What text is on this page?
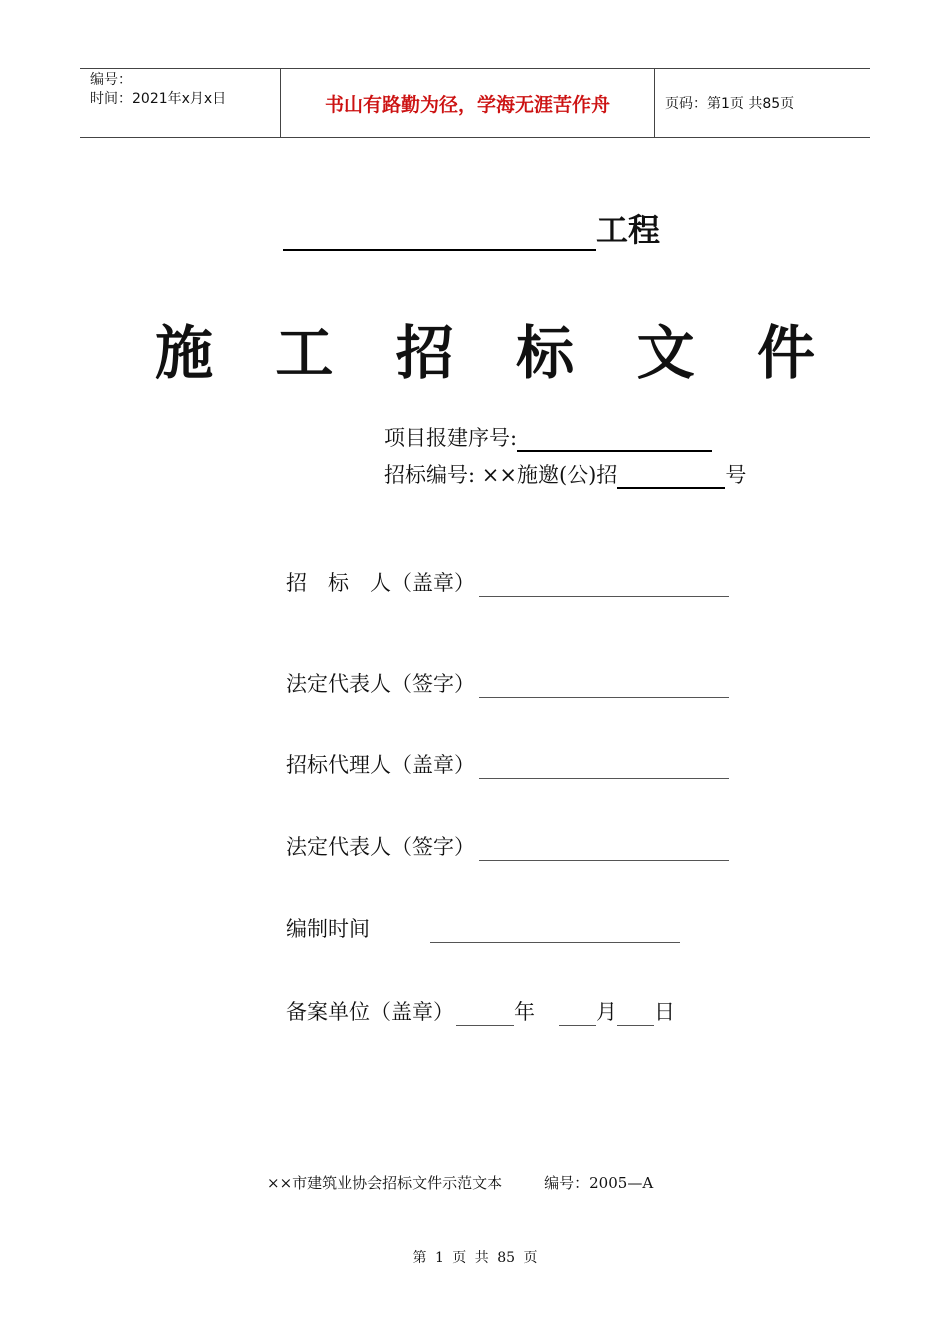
编号：
时间：2021年x月x日	书山有路勤为径，学海无涯苦作舟	页码：第1页 共85页
工程
施 工 招 标 文 件
项目报建序号:
招标编号: ××施邀(公)招	号
招　标　人（盖章）
法定代表人（签字）
招标代理人（盖章）
法定代表人（签字）
编制时间
备案单位（盖章）	年	月 日
××市建筑业协会招标文件示范文本	编号：2005—A
第 1 页 共 85 页
